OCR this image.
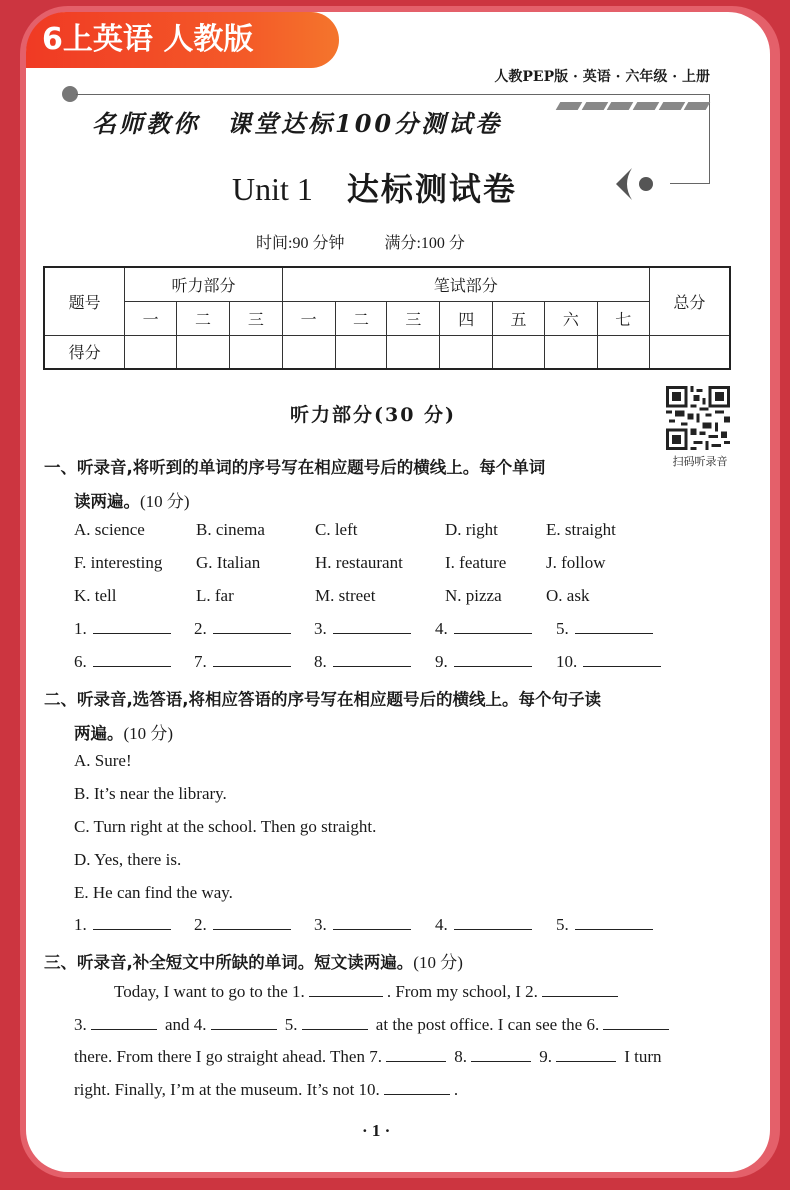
6上英语 人教版
人教PEP版 · 英语 · 六年级 · 上册
名师教你　课堂达标100分测试卷
Unit 1 达标测试卷
时间:90 分钟	满分:100 分
题号	听力部分			笔试部分							总分
	一	二	三	一	二	三	四	五	六	七	
得分											
听力部分(30 分)
扫码听录音
一、听录音,将听到的单词的序号写在相应题号后的横线上。每个单词
读两遍。(10 分)
A. science	B. cinema	C. left	D. right	E. straight
F. interesting G. Italian	H. restaurant I. feature J. follow
K. tell	L. far	M. street	N. pizza	O. ask
1.	2.	3.	4.	5.
6.	7.	8.	9.	10.
二、听录音,选答语,将相应答语的序号写在相应题号后的横线上。每个句子读
两遍。(10 分)
A. Sure!
B. It’s near the library.
C. Turn right at the school. Then go straight.
D. Yes, there is.
E. He can find the way.
1.	2.	3.	4.	5.
三、听录音,补全短文中所缺的单词。短文读两遍。(10 分)
Today, I want to go to the 1.	. From my school, I 2.
3.	and 4.	5.	at the post office. I can see the 6.
there. From there I go straight ahead. Then 7.	8.	9.	I turn
right. Finally, I’m at the museum. It’s not 10.	.
· 1 ·
